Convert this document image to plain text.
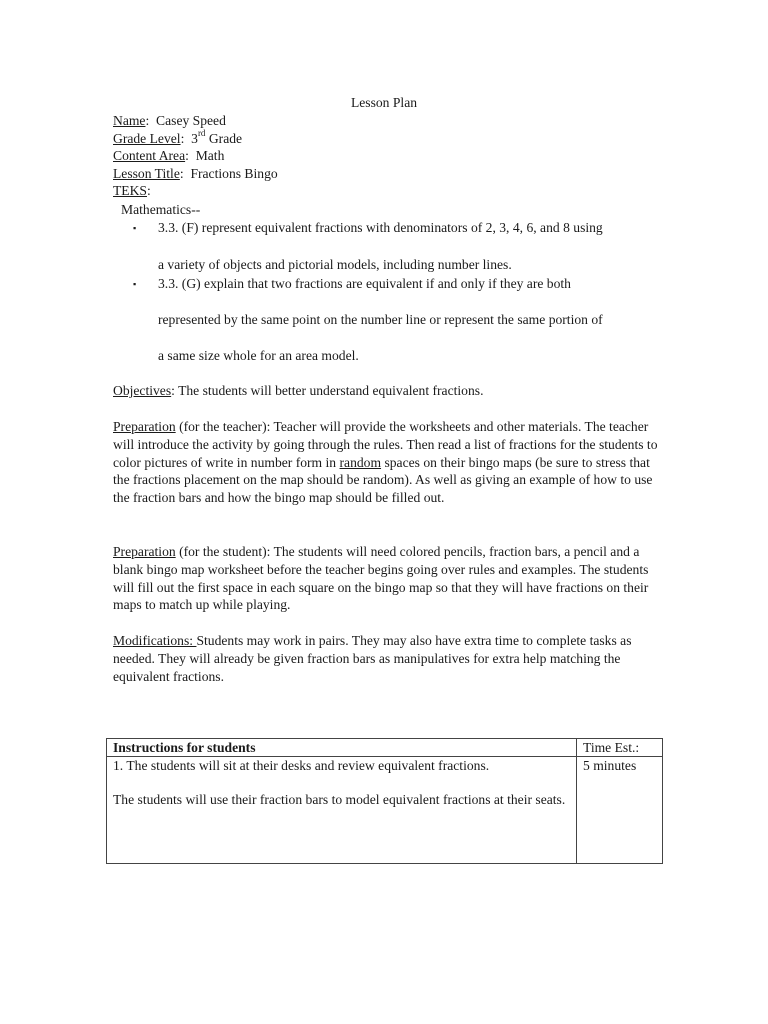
Lesson Plan
Name:  Casey Speed
Grade Level:  3rd Grade
Content Area:  Math
Lesson Title:  Fractions Bingo
TEKS:
Mathematics--
▪	3.3. (F) represent equivalent fractions with denominators of 2, 3, 4, 6, and 8 using
a variety of objects and pictorial models, including number lines.
▪	3.3. (G) explain that two fractions are equivalent if and only if they are both
represented by the same point on the number line or represent the same portion of
a same size whole for an area model.
Objectives: The students will better understand equivalent fractions.
Preparation (for the teacher): Teacher will provide the worksheets and other materials. The teacher will introduce the activity by going through the rules. Then read a list of fractions for the students to color pictures of write in number form in random spaces on their bingo maps (be sure to stress that the fractions placement on the map should be random). As well as giving an example of how to use the fraction bars and how the bingo map should be filled out.
Preparation (for the student): The students will need colored pencils, fraction bars, a pencil and a blank bingo map worksheet before the teacher begins going over rules and examples. The students will fill out the first space in each square on the bingo map so that they will have fractions on their maps to match up while playing.
Modifications: Students may work in pairs. They may also have extra time to complete tasks as needed. They will already be given fraction bars as manipulatives for extra help matching the equivalent fractions.
Instructions for students	Time Est.:

1. The students will sit at their desks and review equivalent fractions.
The students will use their fraction bars to model equivalent fractions at their seats.	5 minutes
